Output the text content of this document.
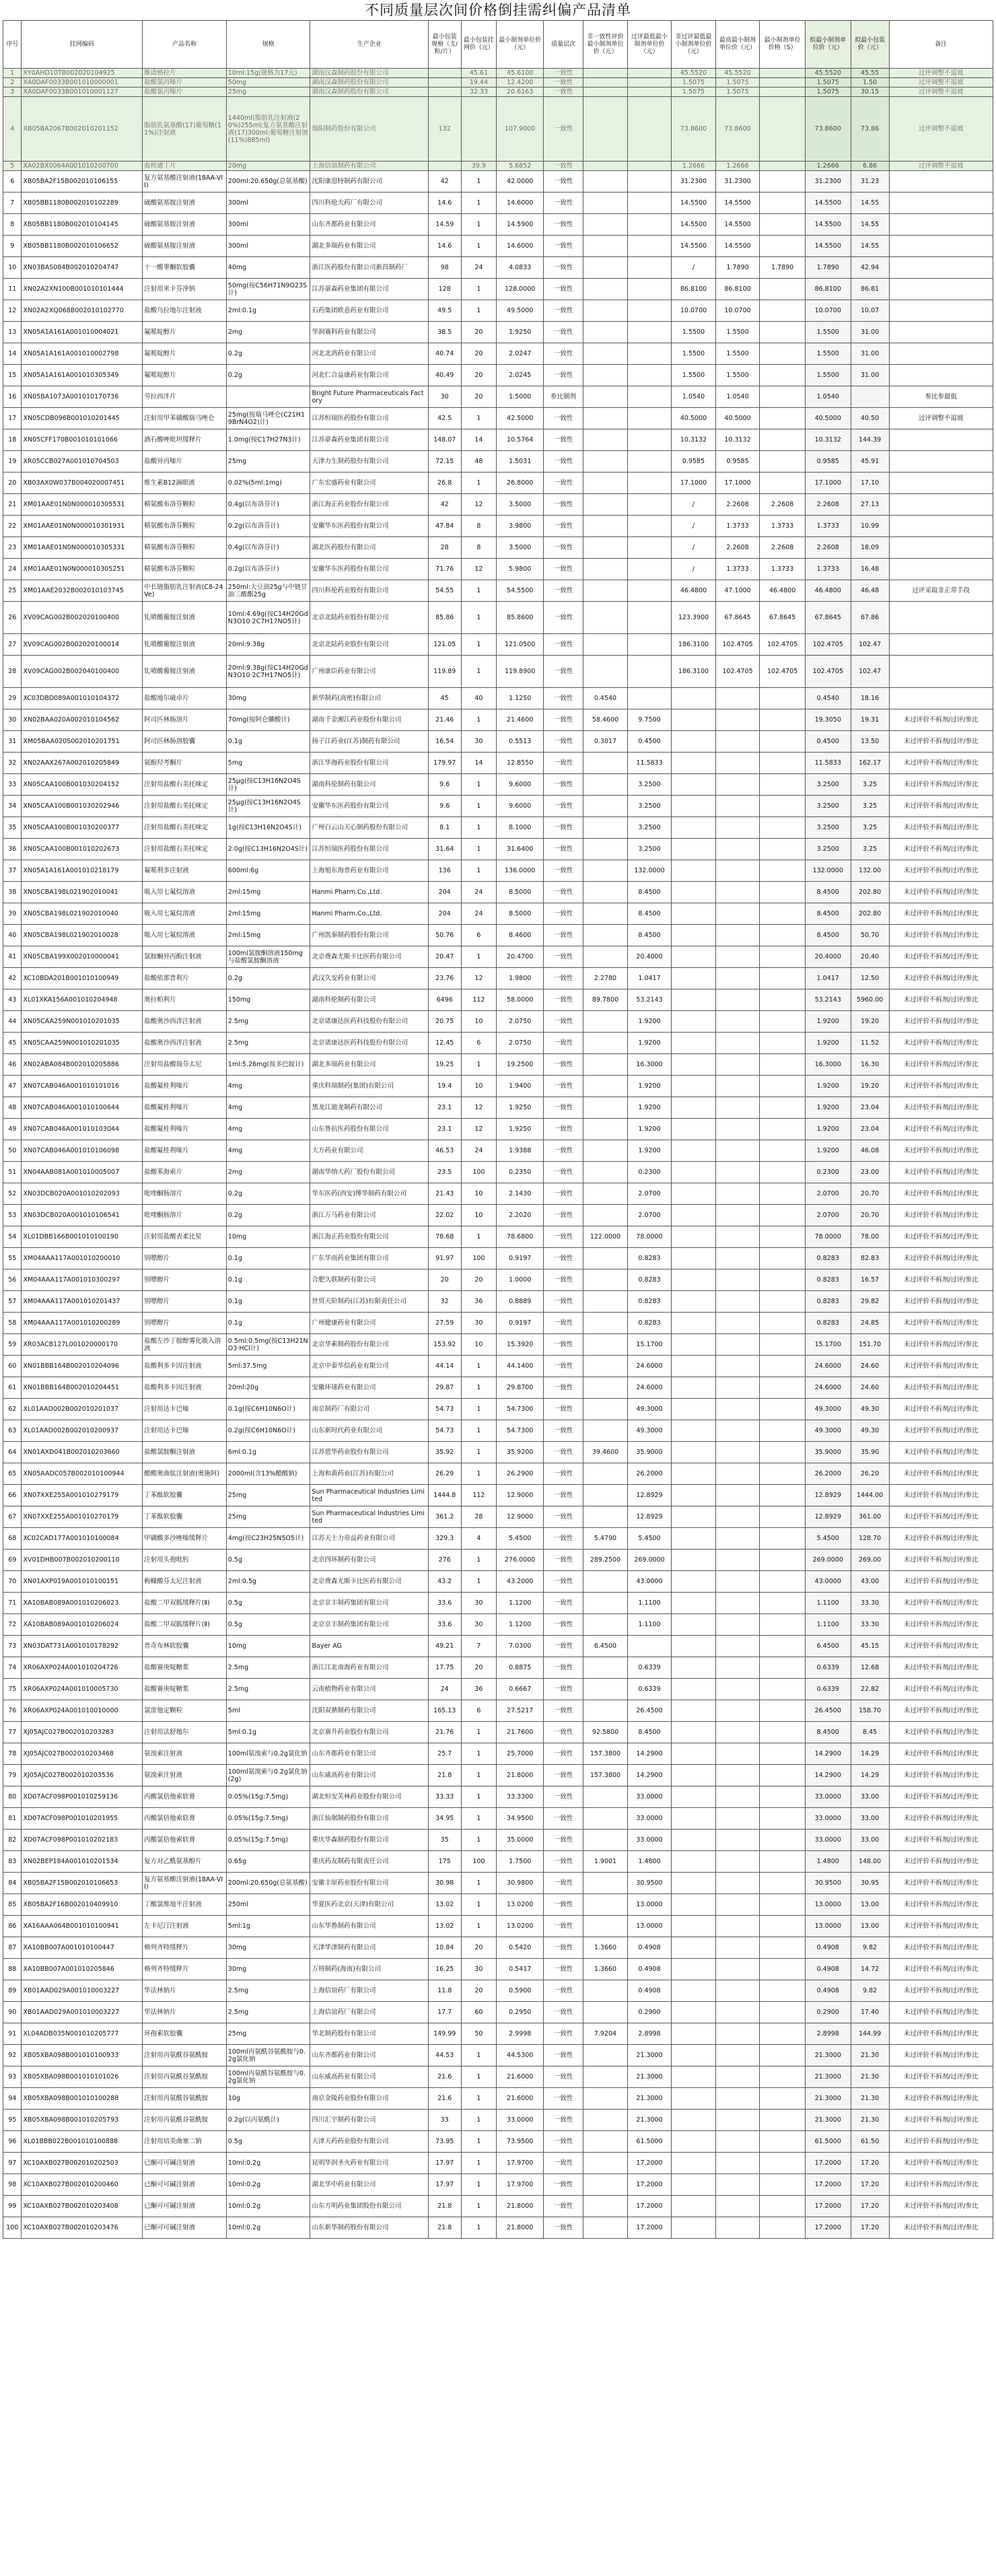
不同质量层次间价格倒挂需纠偏产品清单
序号	挂网编码	产品名称	规格	生产企业	最小包装规格（支/粒/片）	最小包装挂网价（元）	最小制剂单位价（元）	质量层次	非一致性评价最小制剂单位价（元）	过评最低最小制剂单位价（元）	非过评最低最小制剂单位价（元）	最高最小制剂单位价（元）	最小制剂单位价格（S）	拟最小制剂单位价（元）	拟最小包装价（元）	备注
1	XY0AHD10TB002020104925	维诺格拉片	10ml:15g(规格为17元)	湖南汉森制药股份有限公司		45.61	45.6100	一致性			45.5520	45.5520		45.5520	45.55	过评调整不退坡
2	XA0DAF0033B001010000001	盐酸氯丙嗪片	50mg	湖南汉森制药股份有限公司		19.44	12.4200	一致性			1.5075	1.5075		1.5075	1.50	过评调整不退坡
3	XA0DAF0033B001010001127	盐酸氯丙嗪片	25mg	湖南汉森制药股份有限公司		32.33	20.6163	一致性			1.5075	1.5075		1.5075	30.15	过评调整不退坡
4	XB05BA2067B002010201152	脂肪乳氨基酸(17)葡萄糖(11%)注射液	1440ml(脂肪乳注射液(20%)255ml;复方氨基酸注射液(17)300ml;葡萄糖注射液(11%)885ml)	瑞阳制药股份有限公司	132		107.9000	一致性			73.8600	73.8600		73.8600	73.86	过评调整不退坡
5	XA02BX0064A001010200700	血栓通丁片	20mg	上海信谊制药有限公司		39.9	5.6852	一致性			1.2666	1.2666		1.2666	6.86	过评调整不退坡
6	XB05BA2F15B002010106155	复方氨基酸注射液(18AA-VII)	200ml:20.650g(总氨基酸)	沈阳康思特制药有限公司	42	1	42.0000	一致性			31.2300	31.2300		31.2300	31.23	
7	XB05BB1180B002010102289	硫酸氨基胺注射液	300ml	四川科伦大药厂有限公司	14.6	1	14.6000	一致性			14.5500	14.5500		14.5500	14.55	
8	XB05BB1180B002010104145	硫酸氨基胺注射液	300ml	山东齐都药业有限公司	14.59	1	14.5900	一致性			14.5500	14.5500		14.5500	14.55	
9	XB05BB1180B002010106652	硫酸氨基胺注射液	300ml	湖北多瑞药业有限公司	14.6	1	14.6000	一致性			14.5500	14.5500		14.5500	14.55	
10	XN03BAS084B002010204747	十一酸睾酮软胶囊	40mg	浙江医药股份有限公司新昌制药厂	98	24	4.0833	一致性			/	1.7890	1.7890	1.7890	42.94	
11	XN02A2XN100B001010101444	注射用米卡芬净钠	50mg(按C56H71N9O23S计)	江苏豪森药业集团有限公司	128	1	128.0000	一致性			86.8100	86.8100		86.8100	86.81	
12	XN02A2XQ068B002010102770	盐酸乌拉地尔注射液	2ml:0.1g	石药集团欧意药业有限公司	49.5	1	49.5000	一致性			10.0700	10.0700		10.0700	10.07	
13	XN05A1A161A001010004021	氟哌啶醇片	2mg	华润赛科药业有限公司	38.5	20	1.9250	一致性			1.5500	1.5500		1.5500	31.00	
14	XN05A1A161A001010002798	氟哌啶醇片	0.2g	河北北鸿药业有限公司	40.74	20	2.0247	一致性			1.5500	1.5500		1.5500	31.00	
15	XN05A1A161A001010305349	氟哌啶醇片	0.2g	河北仁合益康药业有限公司	40.49	20	2.0245	一致性			1.5500	1.5500		1.5500	31.00	
16	XN05BA1073A001010170736	劳拉西泮片		Bright Future Pharmaceuticals Factory	30	20	1.5000	参比制剂			1.0540	1.0540		1.0540		参比参最低
17	XN05CDB096B001010201445	注射用甲苯磺酸瑞马唑仑	25mg(按瑞马唑仑(C21H19BrN4O2)计)	江苏恒瑞医药股份有限公司	42.5	1	42.5000	一致性			40.5000	40.5000		40.5000	40.50	过评调整不退坡
18	XN05CFF170B001010101066	酒石酸唑吡坦缓释片	1.0mg(按C17H27N3计)	江苏豪森药业集团有限公司	148.07	14	10.5764	一致性			10.3132	10.3132		10.3132	144.39	
19	XR05CCB027A001010704503	盐酸异丙嗪片	25mg	天津力生制药股份有限公司	72.15	48	1.5031	一致性			0.9585	0.9585		0.9585	45.91	
20	XB03AX0W037B004020007451	维生素B12滴眼液	0.02%(5ml:1mg)	广东宏盛药业有限公司	26.8	1	26.8000	一致性			17.1000	17.1000		17.1000	17.10	
21	XM01AAE01N0N000010305531	精氨酸布洛芬颗粒	0.4g(以布洛芬计)	浙江海正药业股份有限公司	42	12	3.5000	一致性			/	2.2608	2.2608	2.2608	27.13	
22	XM01AAE01N0N000010301931	精氨酸布洛芬颗粒	0.2g(以布洛芬计)	安徽华东医药股份有限公司	47.84	8	3.9800	一致性			/	1.3733	1.3733	1.3733	10.99	
23	XM01AAE01N0N000010305331	精氨酸布洛芬颗粒	0.4g(以布洛芬计)	湖北医药股份有限公司	28	8	3.5000	一致性			/	2.2608	2.2608	2.2608	18.09	
24	XM01AAE01N0N000010305251	精氨酸布洛芬颗粒	0.2g(以布洛芬计)	安徽华东医药股份有限公司	71.76	12	5.9800	一致性			/	1.3733	1.3733	1.3733	16.48	
25	XM01AAE2032B002010103745	中长链脂肪乳注射液(C8-24Ve)	250ml:大豆油25g与中链甘油三酸酯25g	四川科伦药业股份有限公司	54.55	1	54.5500	一致性			46.4800	47.1000	46.4800	46.4800	46.48	过评采取非正常手段
26	XV09CAG002B002020100400	钆喷酸葡胺注射液	10ml:4.69g(按C14H20GdN3O10·2C7H17NO5计)	北京北陆药业股份有限公司	85.86	1	85.8600	一致性			123.3900	67.8645	67.8645	67.8645	67.86	
27	XV09CAG002B002020100014	钆喷酸葡胺注射液	20ml:9.38g	北京北陆药业股份有限公司	121.05	1	121.0500	一致性			186.3100	102.4705	102.4705	102.4705	102.47	
28	XV09CAG002B002040100400	钆喷酸葡胺注射液	20ml:9.38g(按C14H20GdN3O10·2C7H17NO5计)	广州康臣药业有限公司	119.89	1	119.8900	一致性			186.3100	102.4705	102.4705	102.4705	102.47	
29	XC03DBD089A001010104372	盐酸地尔硫卓片	30mg	新华制药(高密)有限公司	45	40	1.1250	一致性	0.4540					0.4540	18.16	
30	XN02BAA020A002010104562	阿司匹林肠溶片	70mg(按阿仑膦酸计)	湖南千金湘江药业股份有限公司	21.46	1	21.4600	一致性	58.4600	9.7500				19.3050	19.31	未过评价不拆剂/过评/参比
31	XM05BAA020S002010201751	阿司匹林肠溶胶囊	0.1g	扬子江药业(江苏)制药有限公司	16.54	30	0.5513	一致性	0.3017	0.4500				0.4500	13.50	未过评价不拆剂/过评/参比
32	XN02AAX267A002010205849	氨酚羟考酮片	5mg	浙江华海药业股份有限公司	179.97	14	12.8550	一致性		11.5833				11.5833	162.17	未过评价不拆剂/过评/参比
33	XN05CAA100B001030204152	注射用盐酸右美托咪定	25μg(按C13H16N2O4S计)	湖南科伦制药有限公司	9.6	1	9.6000	一致性		3.2500				3.2500	3.25	未过评价不拆剂/过评/参比
34	XN05CAA100B001030202946	注射用盐酸右美托咪定	25μg(按C13H16N2O4S计)	安徽华东医药股份有限公司	9.6	1	9.6000	一致性		3.2500				3.2500	3.25	未过评价不拆剂/过评/参比
35	XN05CAA100B001030200377	注射用盐酸右美托咪定	1g(按C13H16N2O4S计)	广州白云山天心制药股份有限公司	8.1	1	8.1000	一致性		3.2500				3.2500	3.25	未过评价不拆剂/过评/参比
36	XN05CAA100B001010202673	注射用盐酸右美托咪定	2.0g(按C13H16N2O4S计)	江苏恒瑞医药股份有限公司	31.64	1	31.6400	一致性		3.2500				3.2500	3.25	未过评价不拆剂/过评/参比
37	XN05A1A161A001010218179	氟哌利多注射液	600ml:6g	上海旭东海普药业有限公司	136	1	136.0000	一致性		132.0000				132.0000	132.00	未过评价不拆剂/过评/参比
38	XN05CBA198L021902010041	吸入用七氟烷溶液	2ml:15mg	Hanmi Pharm.Co.,Ltd.	204	24	8.5000	一致性		8.4500				8.4500	202.80	未过评价不拆剂/过评/参比
39	XN05CBA198L021902010040	吸入用七氟烷溶液	2ml:15mg	Hanmi Pharm.Co.,Ltd.	204	24	8.5000	一致性		8.4500				8.4500	202.80	未过评价不拆剂/过评/参比
40	XN05CBA198L021902010028	吸入用七氟烷溶液	2ml:15mg	广州凯秦制药股份有限公司	50.76	6	8.4600	一致性		8.4500				8.4500	50.70	未过评价不拆剂/过评/参比
41	XN05CBA199X002010000041	氯胺酮异丙酚注射液	100ml氯胺酮溶液150mg与盐酸氯胺酮溶液	北京费森尤斯卡比医药有限公司	20.47	1	20.4700	一致性		20.4000				20.4000	20.40	未过评价不拆剂/过评/参比
42	XC10BDA201B001010100949	盐酸依那普利片	0.2g	武汉久安药业有限公司	23.76	12	1.9800	一致性	2.2780	1.0417				1.0417	12.50	未过评价不拆剂/过评/参比
43	XL01XKA156A001010204948	奥拉帕利片	150mg	湖南科伦制药有限公司	6496	112	58.0000	一致性	89.7800	53.2143				53.2143	5960.00	未过评价不拆剂/过评/参比
44	XN05CAA259N001010201035	盐酸奥沙西泮注射液	2.5mg	北京诺康达医药科技股份有限公司	20.75	10	2.0750	一致性		1.9200				1.9200	19.20	未过评价不拆剂/过评/参比
45	XN05CAA259N001010201035	盐酸奥沙西泮注射液	2.5mg	北京诺康达医药科技股份有限公司	12.45	6	2.0750	一致性		1.9200				1.9200	11.52	未过评价不拆剂/过评/参比
46	XN02ABA084B002010205886	注射用盐酸瑞芬太尼	1ml:5.26mg(按多巴胺计)	湖北多瑞药业有限公司	19.25	1	19.2500	一致性		16.3000				16.3000	16.30	未过评价不拆剂/过评/参比
47	XN07CAB046A001010101016	盐酸氟桂利嗪片	4mg	重庆科瑞制药(集团)有限公司	19.4	10	1.9400	一致性		1.9200				1.9200	19.20	未过评价不拆剂/过评/参比
48	XN07CAB046A001010100644	盐酸氟桂利嗪片	4mg	黑龙江迪龙制药有限公司	23.1	12	1.9250	一致性		1.9200				1.9200	23.04	未过评价不拆剂/过评/参比
49	XN07CAB046A001010103044	盐酸氟桂利嗪片	4mg	山东鲁抗医药股份有限公司	23.1	12	1.9250	一致性		1.9200				1.9200	23.04	未过评价不拆剂/过评/参比
50	XN07CAB046A001010106098	盐酸氟桂利嗪片	4mg	大方药业有限公司	46.53	24	1.9388	一致性		1.9200				1.9200	46.08	未过评价不拆剂/过评/参比
51	XN04AAB081A001010005007	盐酸苯海索片	2mg	湖南华纳大药厂股份有限公司	23.5	100	0.2350	一致性		0.2300				0.2300	23.00	未过评价不拆剂/过评/参比
52	XN03DCB020A001010202093	吡喹酮肠溶片	0.2g	华东医药(西安)博华制药有限公司	21.43	10	2.1430	一致性		2.0700				2.0700	20.70	未过评价不拆剂/过评/参比
53	XN03DCB020A001010106541	吡喹酮肠溶片	0.2g	浙江万马药业有限公司	22.02	10	2.2020	一致性		2.0700				2.0700	20.70	未过评价不拆剂/过评/参比
54	XL01DBB166B001010100190	注射用盐酸表柔比星	10mg	浙江海正药业股份有限公司	78.68	1	78.6800	一致性	122.0000	78.0000				78.0000	78.00	未过评价不拆剂/过评/参比
55	XM04AAA117A001010200010	别嘌醇片	0.1g	广东华南药业集团有限公司	91.97	100	0.9197	一致性		0.8283				0.8283	82.83	未过评价不拆剂/过评/参比
56	XM04AAA117A001010300297	别嘌醇片	0.1g	合肥久联制药有限公司	20	20	1.0000	一致性		0.8283				0.8283	16.57	未过评价不拆剂/过评/参比
57	XM04AAA117A001010201437	别嘌醇片	0.1g	世贸天阶制药(江苏)有限责任公司	32	36	0.8889	一致性		0.8283				0.8283	29.82	未过评价不拆剂/过评/参比
58	XM04AAA117A001010200289	别嘌醇片	0.1g	广州健康药业有限公司	27.59	30	0.9197	一致性		0.8283				0.8283	24.85	未过评价不拆剂/过评/参比
59	XR03ACB127L001020000170	盐酸左沙丁胺醇雾化吸入溶液	0.5ml:0.5mg(按C13H21NO3·HCl计)	北京华素制药股份有限公司	153.92	10	15.3920	一致性		15.1700				15.1700	151.70	未过评价不拆剂/过评/参比
60	XN01BBB164B002010204096	盐酸利多卡因注射液	5ml:37.5mg	北京中泰华信药业有限公司	44.14	1	44.1400	一致性		24.6000				24.6000	24.60	未过评价不拆剂/过评/参比
61	XN01BBB164B002010204451	盐酸利多卡因注射液	20ml:20g	安徽环球药业有限公司	29.87	1	29.8700	一致性		24.6000				24.6000	24.60	未过评价不拆剂/过评/参比
62	XL01AAD002B002010201037	注射用达卡巴嗪	0.1g(按C6H10N6O计)	南京制药厂有限公司	54.73	1	54.7300	一致性		49.3000				49.3000	49.30	未过评价不拆剂/过评/参比
63	XL01AAD002B002010200937	注射用达卡巴嗪	0.2g(按C6H10N6O计)	山东新时代药业有限公司	54.73	1	54.7300	一致性		49.3000				49.3000	49.30	未过评价不拆剂/过评/参比
64	XN01AXD041B002010203660	盐酸氯胺酮注射液	6ml:0.1g	江苏恩华药业股份有限公司	35.92	1	35.9200	一致性	39.4600	35.9000				35.9000	35.90	未过评价不拆剂/过评/参比
65	XN05AADC057B002010100944	醋酸奥曲肽注射液(奥施阿)	2000ml(含13%醋酸钠)	上海和黄药业(江苏)有限公司	26.29	1	26.2900	一致性		26.2000				26.2000	26.20	未过评价不拆剂/过评/参比
66	XN07XXE255A001010279179	丁苯酞软胶囊	25mg	Sun Pharmaceutical Industries Limited	1444.8	112	12.9000	一致性		12.8929				12.8929	1444.00	未过评价不拆剂/过评/参比
67	XN07XXE255A001010270179	丁苯酞软胶囊	25mg	Sun Pharmaceutical Industries Limited	361.2	28	12.9000	一致性		12.8929				12.8929	361.00	未过评价不拆剂/过评/参比
68	XC02CAD177A001010100084	甲磺酸多沙唑嗪缓释片	4mg(按C23H25N5O5计)	江苏天士力帝益药业有限公司	329.3	4	5.4500	一致性	5.4790	5.4500				5.4500	128.70	未过评价不拆剂/过评/参比
69	XV01DHB007B002010200110	注射用头孢吡肟	0.5g	北京四环制药有限公司	276	1	276.0000	一致性	289.2500	269.0000				269.0000	269.00	未过评价不拆剂/过评/参比
70	XN01AXP019A001010100151	枸橼酸芬太尼注射液	2ml:0.5g	北京费森尤斯卡比医药有限公司	43.2	1	43.2000	一致性		43.0000				43.0000	43.00	未过评价不拆剂/过评/参比
71	XA10BAB089A001010206023	盐酸二甲双胍缓释片(Ⅱ)	0.5g	北京京丰制药集团有限公司	33.6	30	1.1200	一致性		1.1100				1.1100	33.30	未过评价不拆剂/过评/参比
72	XA10BAB089A001010206024	盐酸二甲双胍缓释片(Ⅱ)	0.5g	北京京丰制药集团有限公司	33.6	30	1.1200	一致性		1.1100				1.1100	33.30	未过评价不拆剂/过评/参比
73	XN03DAT731A001010178292	普奇布林软胶囊	10mg	Bayer AG	49.21	7	7.0300	一致性	6.4500					6.4500	45.15	未过评价不拆剂/过评/参比
74	XR06AXP024A001010204726	盐酸赛庚啶糖浆	2.5mg	浙江江北南海药业有限公司	17.75	20	0.8875	一致性		0.6339				0.6339	12.68	未过评价不拆剂/过评/参比
75	XR06AXP024A001010005730	盐酸赛庚啶糖浆	2.5mg	云南植物药业有限公司	24	36	0.6667	一致性		0.6339				0.6339	22.82	未过评价不拆剂/过评/参比
76	XR06AXP024A001010010000	氯雷他定颗粒	5ml	沈阳双鼎制药有限公司	165.13	6	27.5217	一致性		26.4500				26.4500	158.70	未过评价不拆剂/过评/参比
77	XJ05AJC027B002010203283	注射用法舒地尔	5ml:0.1g	北京赛升药业股份有限公司	21.76	1	21.7600	一致性	92.5800	8.4500				8.4500	8.45	未过评价不拆剂/过评/参比
78	XJ05AJC027B002010203468	氨溴索注射液	100ml氨溴索与0.2g氯化钠	山东齐都药业有限公司	25.7	1	25.7000	一致性	157.3800	14.2900				14.2900	14.29	未过评价不拆剂/过评/参比
79	XJ05AJC027B002010203536	氨溴索注射液	100ml氨溴索与0.2g氯化钠(2g)	山东威高药业有限公司	21.8	1	21.8000	一致性	157.3800	14.2900				14.2900	14.29	未过评价不拆剂/过评/参比
80	XD07ACF098P001010259136	丙酸氯倍他索软膏	0.05%(15g:7.5mg)	湖北恒安芙林药业股份有限公司	33.33	1	33.3300	一致性		33.0000				33.0000	33.00	未过评价不拆剂/过评/参比
81	XD07ACF098P001010201955	丙酸氯倍他索软膏	0.05%(15g:7.5mg)	浙江仙琚制药股份有限公司	34.95	1	34.9500	一致性		33.0000				33.0000	33.00	未过评价不拆剂/过评/参比
82	XD07ACF098P001010202183	丙酸氯倍他索软膏	0.05%(15g:7.5mg)	重庆华森制药股份有限公司	35	1	35.0000	一致性		33.0000				33.0000	33.00	未过评价不拆剂/过评/参比
83	XN02BEP184A001010201534	复方对乙酰氨基酚片	0.65g	重庆药友制药有限责任公司	175	100	1.7500	一致性	1.9001	1.4800				1.4800	148.00	未过评价不拆剂/过评/参比
84	XB05BA2F15B002010106653	复方氨基酸注射液(18AA-VII)	200ml:20.650g(总氨基酸)	安徽丰原药业股份有限公司	30.98	1	30.9800	一致性		30.9500				30.9500	30.95	未过评价不拆剂/过评/参比
85	XB05BA2F16B002010409910	丁酸氯维地平注射液	250ml	华夏医药北京(天津)有限公司	13.02	1	13.0200	一致性		13.0000				13.0000	13.00	未过评价不拆剂/过评/参比
86	XA16AAA064B001010100941	左卡尼汀注射液	5ml:1g	山东华鲁制药有限公司	13.02	1	13.0200	一致性		13.0000				13.0000	13.00	未过评价不拆剂/过评/参比
87	XA10BB007A001010100447	格列齐特缓释片	30mg	天津华津制药有限公司	10.84	20	0.5420	一致性	1.3660	0.4908				0.4908	9.82	未过评价不拆剂/过评/参比
88	XA10BB007A001010205846	格列齐特缓释片	30mg	万特制药(海南)有限公司	16.25	30	0.5417	一致性	1.3660	0.4908				0.4908	14.72	未过评价不拆剂/过评/参比
89	XB01AAD029A001010003227	华法林钠片	2.5mg	上海信谊药厂有限公司	11.8	20	0.5900	一致性		0.4908				0.4908	9.82	未过评价不拆剂/过评/参比
90	XB01AAD029A001010003227	华法林钠片	2.5mg	上海信谊药厂有限公司	17.7	60	0.2950	一致性		0.2900				0.2900	17.40	未过评价不拆剂/过评/参比
91	XL04ADB035N001010205777	环孢素软胶囊	25mg	华北制药股份有限公司	149.99	50	2.9998	一致性	7.9204	2.8998				2.8998	144.99	未过评价不拆剂/过评/参比
92	XB05XBA098B001010100933	注射用丙氨酰谷氨酰胺	100ml丙氨酰谷氨酰胺与0.2g氯化钠	山东齐都药业有限公司	44.53	1	44.5300	一致性		21.3000				21.3000	21.30	未过评价不拆剂/过评/参比
93	XB05XBA098B001010101026	注射用丙氨酰谷氨酰胺	100ml丙氨酰谷氨酰胺与0.2g氯化钠	山东威高药业有限公司	21.6	1	21.6000	一致性		21.3000				21.3000	21.30	未过评价不拆剂/过评/参比
94	XB05XBA098B001010100288	注射用丙氨酰谷氨酰胺	10g	南京金陵药业股份有限公司	21.6	1	21.6000	一致性		21.3000				21.3000	21.30	未过评价不拆剂/过评/参比
95	XB05XBA098B001010205793	注射用丙氨酰谷氨酰胺	0.2g(以丙氨酰计)	四川汇宇制药有限公司	33	1	33.0000	一致性		21.3000				21.3000	21.30	未过评价不拆剂/过评/参比
96	XL01BBB022B001010100888	注射用培美曲塞二钠	0.5g	天津天药药业股份有限公司	73.95	1	73.9500	一致性		61.5000				61.5000	61.50	未过评价不拆剂/过评/参比
97	XC10AXB027B002010202503	已酮可可碱注射液	10ml:0.2g	昆明华润圣火药业有限公司	17.97	1	17.9700	一致性		17.2000				17.2000	17.20	未过评价不拆剂/过评/参比
98	XC10AXB027B002010200460	已酮可可碱注射液	10ml:0.2g	湖北华中药业有限公司	17.97	1	17.9700	一致性		17.2000				17.2000	17.20	未过评价不拆剂/过评/参比
99	XC10AXB027B002010203408	已酮可可碱注射液	10ml:0.2g	山东方明药业集团股份有限公司	21.8	1	21.8000	一致性		17.2000				17.2000	17.20	未过评价不拆剂/过评/参比
100	XC10AXB027B002010203476	已酮可可碱注射液	10ml:0.2g	山东新华制药股份有限公司	21.8	1	21.8000	一致性		17.2000				17.2000	17.20	未过评价不拆剂/过评/参比
